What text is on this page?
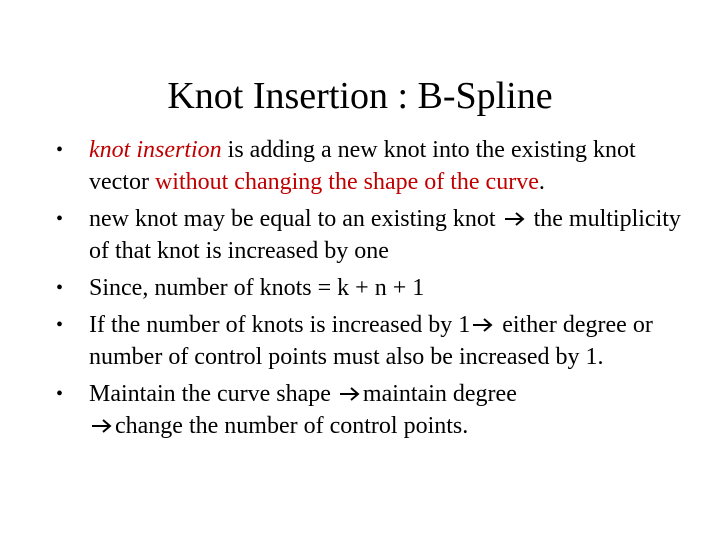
Knot Insertion : B-Spline
• knot insertion is adding a new knot into the existing knot vector without changing the shape of the curve.
• new knot may be equal to an existing knot  the multiplicity of that knot is increased by one
• Since, number of knots = k + n + 1
• If the number of knots is increased by 1 either degree or number of control points must also be increased by 1.
• Maintain the curve shape maintain degree
change the number of control points.
